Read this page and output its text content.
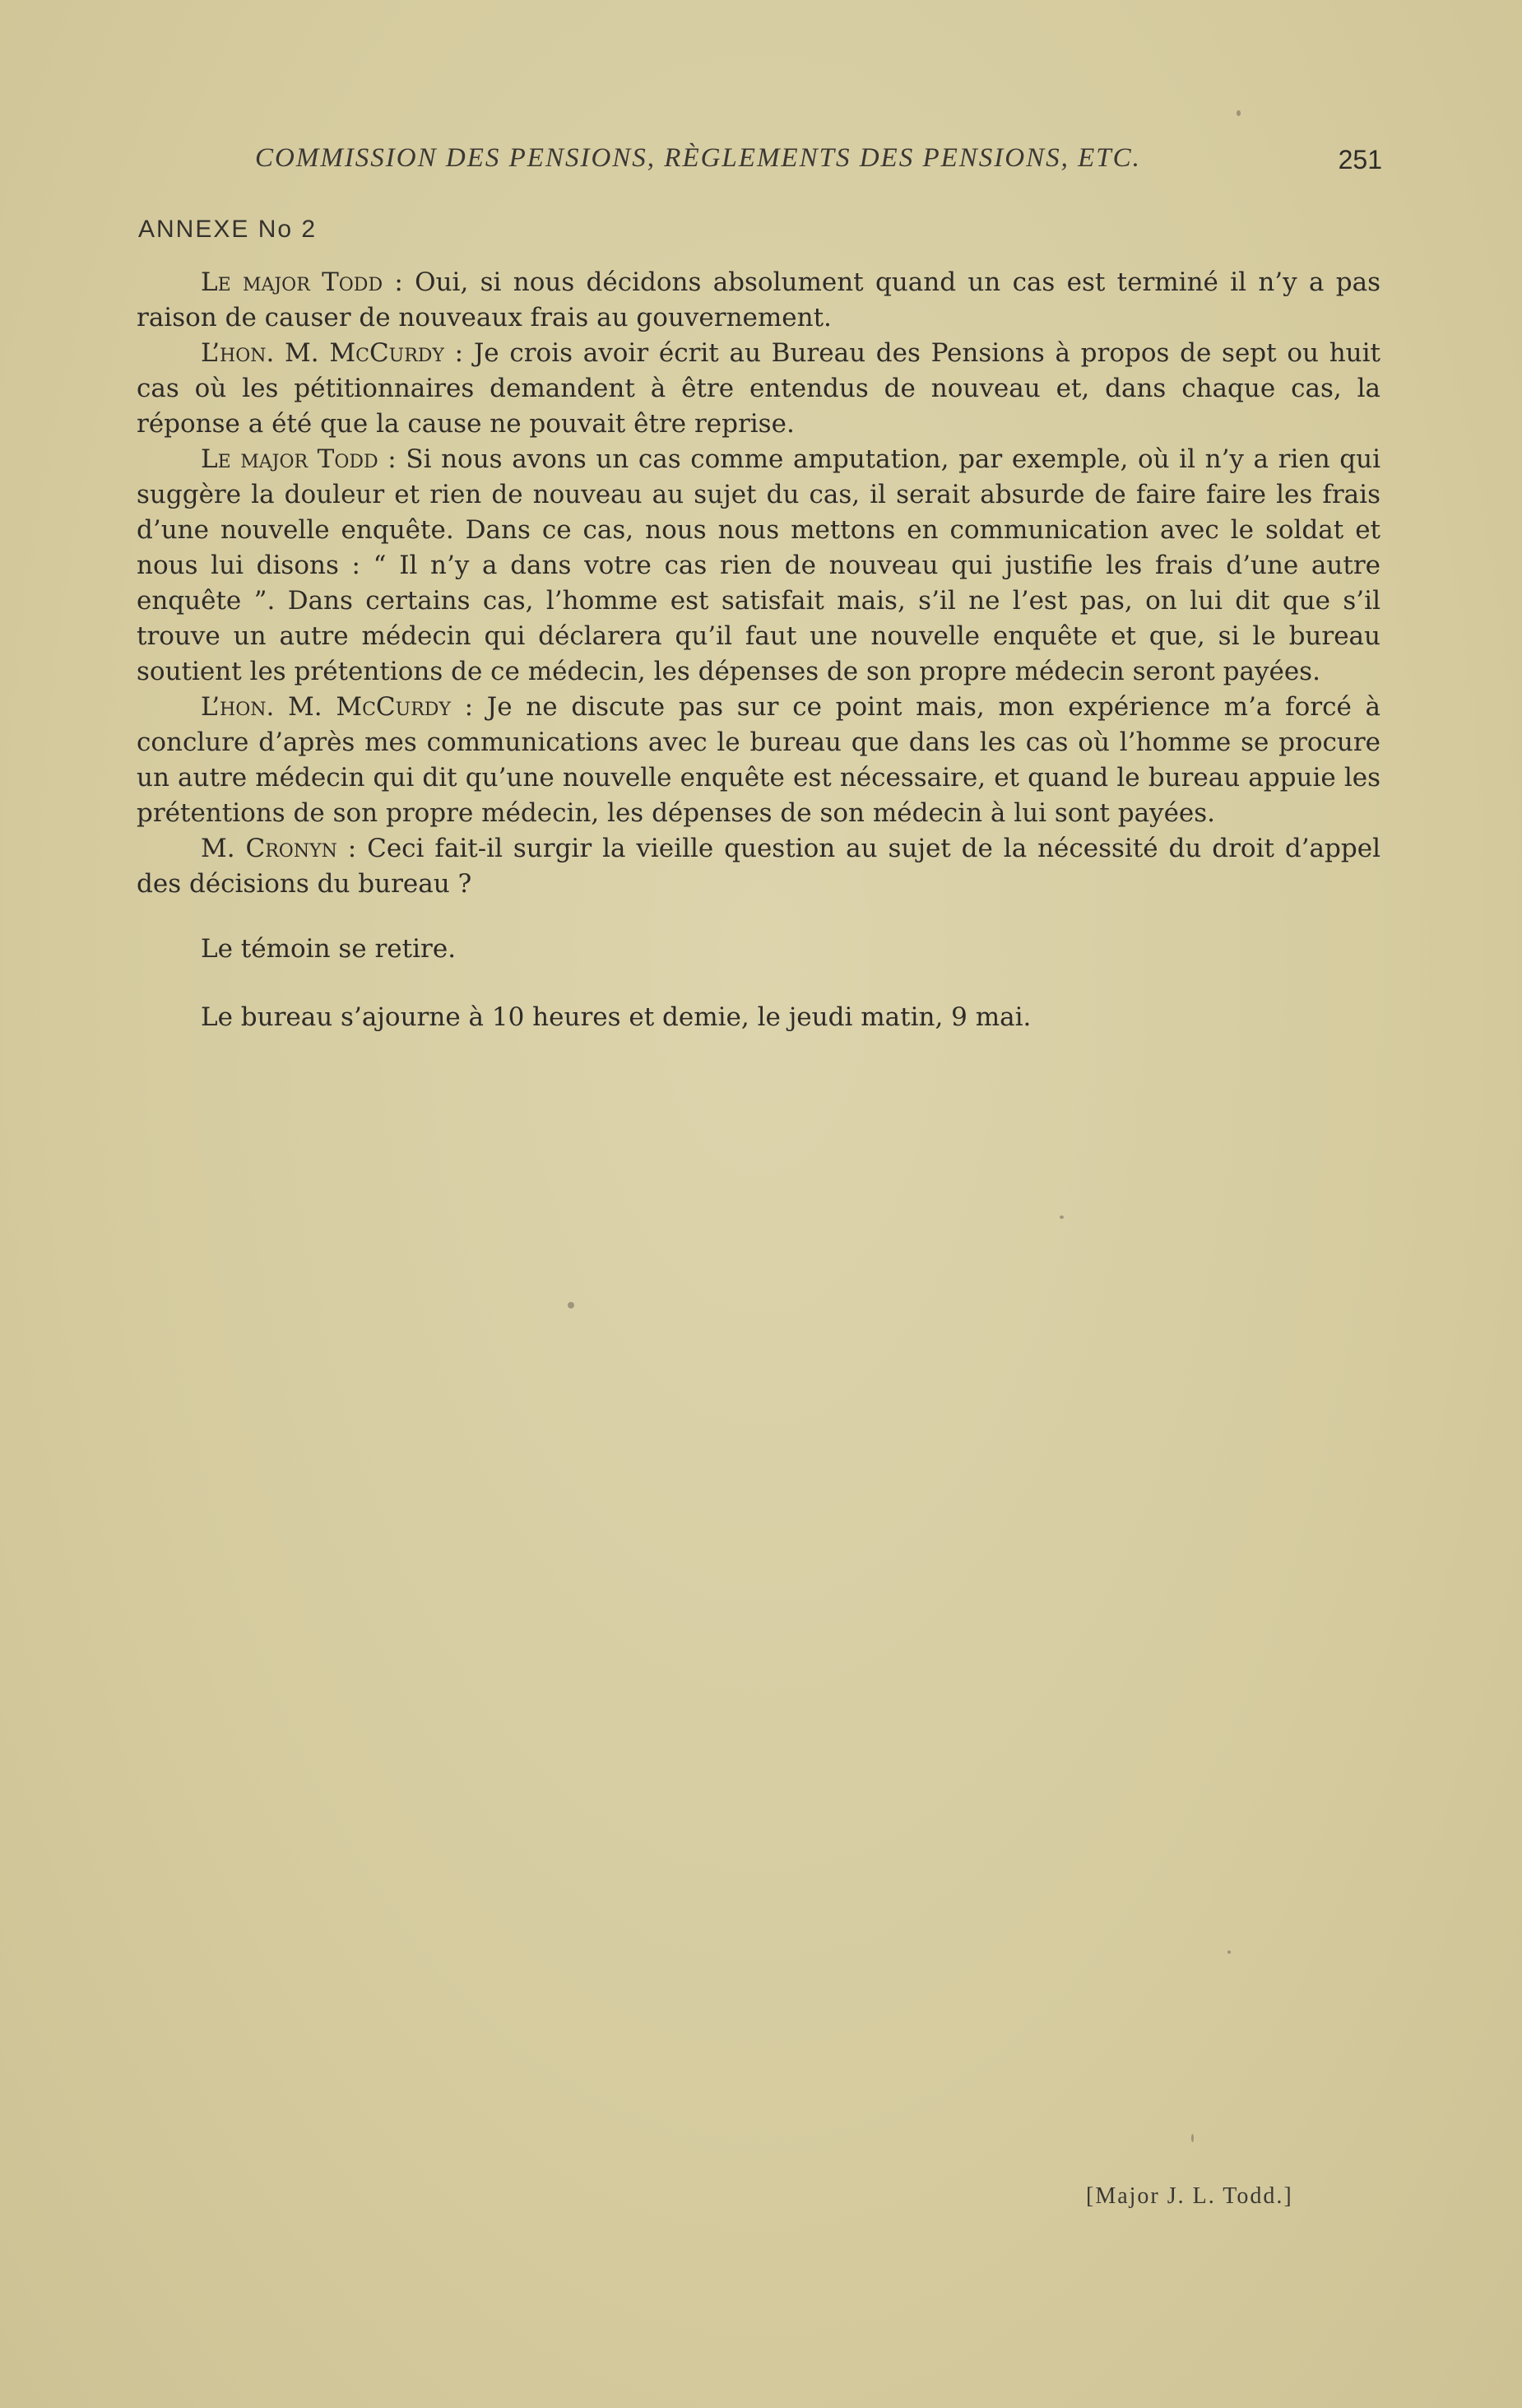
COMMISSION DES PENSIONS, RÈGLEMENTS DES PENSIONS, ETC.	251
ANNEXE No 2

Le major Todd : Oui, si nous décidons absolument quand un cas est terminé il n’y a pas raison de causer de nouveaux frais au gouvernement.

L’hon. M. McCurdy : Je crois avoir écrit au Bureau des Pensions à propos de sept ou huit cas où les pétitionnaires demandent à être entendus de nouveau et, dans chaque cas, la réponse a été que la cause ne pouvait être reprise.

Le major Todd : Si nous avons un cas comme amputation, par exemple, où il n’y a rien qui suggère la douleur et rien de nouveau au sujet du cas, il serait absurde de faire faire les frais d’une nouvelle enquête. Dans ce cas, nous nous mettons en communication avec le soldat et nous lui disons : “ Il n’y a dans votre cas rien de nouveau qui justifie les frais d’une autre enquête ”. Dans certains cas, l’homme est satisfait mais, s’il ne l’est pas, on lui dit que s’il trouve un autre médecin qui déclarera qu’il faut une nouvelle enquête et que, si le bureau soutient les prétentions de ce médecin, les dépenses de son propre médecin seront payées.

L’hon. M. McCurdy : Je ne discute pas sur ce point mais, mon expérience m’a forcé à conclure d’après mes communications avec le bureau que dans les cas où l’homme se procure un autre médecin qui dit qu’une nouvelle enquête est nécessaire, et quand le bureau appuie les prétentions de son propre médecin, les dépenses de son médecin à lui sont payées.

M. Cronyn : Ceci fait-il surgir la vieille question au sujet de la nécessité du droit d’appel des décisions du bureau ?

Le témoin se retire.

Le bureau s’ajourne à 10 heures et demie, le jeudi matin, 9 mai.

[Major J. L. Todd.]
